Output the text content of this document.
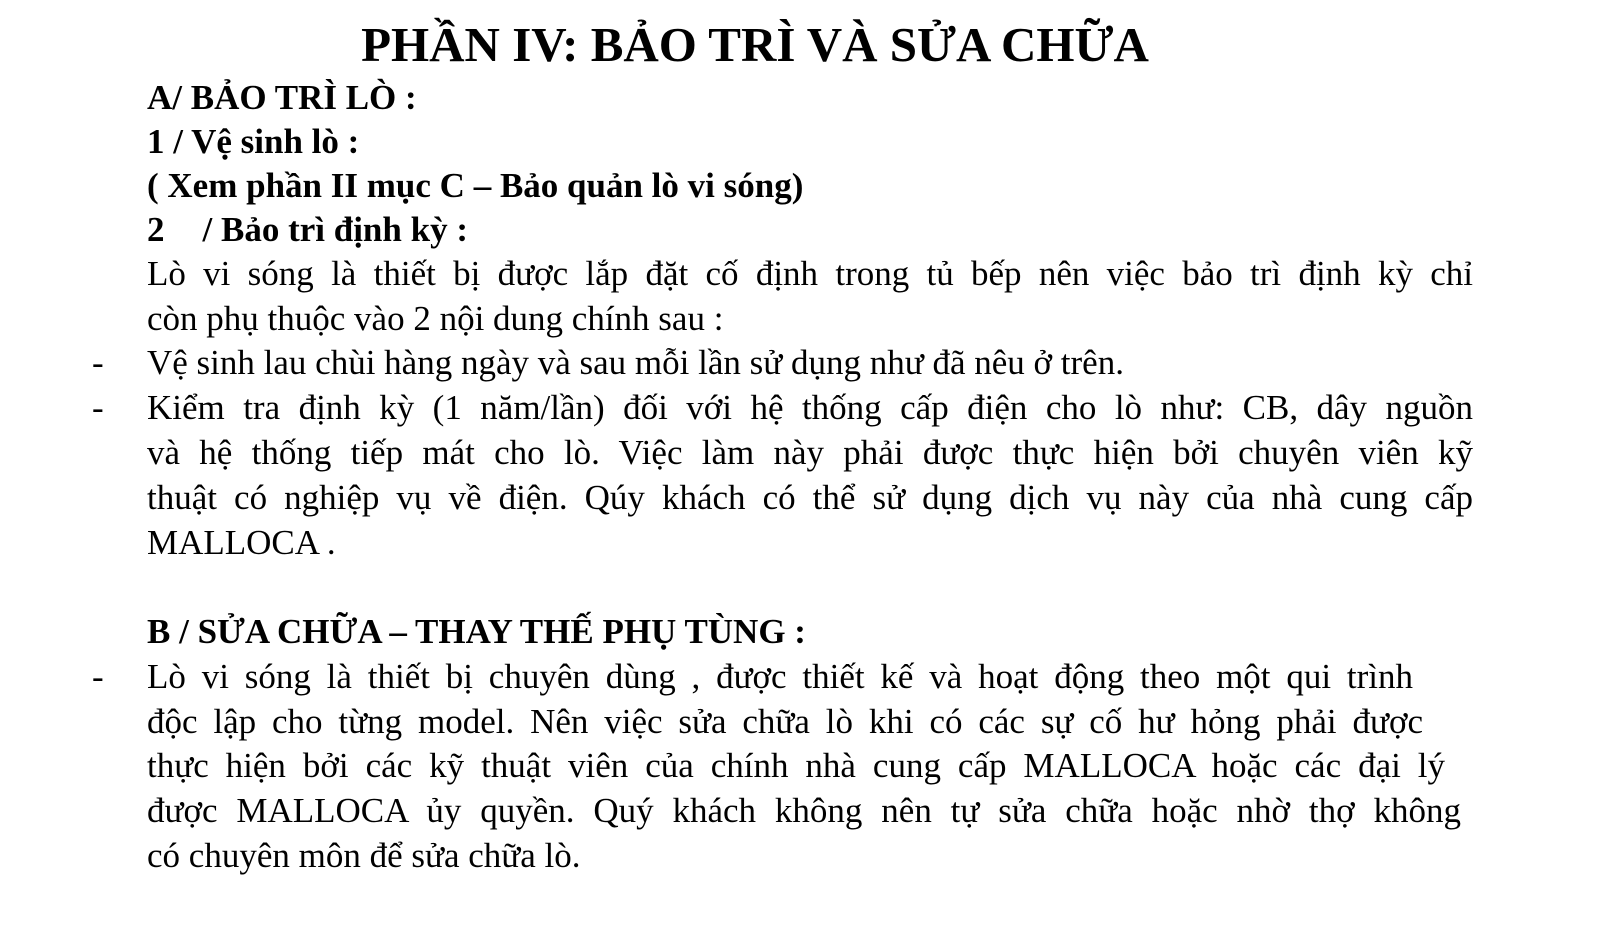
PHẦN IV: BẢO TRÌ VÀ SỬA CHỮA
A/ BẢO TRÌ LÒ :
1 / Vệ sinh lò :
( Xem phần II mục C – Bảo quản lò vi sóng)
2 / Bảo trì định kỳ :
Lò vi sóng là thiết bị được lắp đặt cố định trong tủ bếp nên việc bảo trì định kỳ chỉ
còn phụ thuộc vào 2 nội dung chính sau :
- Vệ sinh lau chùi hàng ngày và sau mỗi lần sử dụng như đã nêu ở trên.
- Kiểm tra định kỳ (1 năm/lần) đối với hệ thống cấp điện cho lò như: CB, dây nguồn
và hệ thống tiếp mát cho lò. Việc làm này phải được thực hiện bởi chuyên viên kỹ
thuật có nghiệp vụ về điện. Qúy khách có thể sử dụng dịch vụ này của nhà cung cấp
MALLOCA .
B / SỬA CHỮA – THAY THẾ PHỤ TÙNG :
- Lò vi sóng là thiết bị chuyên dùng , được thiết kế và hoạt động theo một qui trình
độc lập cho từng model. Nên việc sửa chữa lò khi có các sự cố hư hỏng phải được
thực hiện bởi các kỹ thuật viên của chính nhà cung cấp MALLOCA hoặc các đại lý
được MALLOCA ủy quyền. Quý khách không nên tự sửa chữa hoặc nhờ thợ không
có chuyên môn để sửa chữa lò.
